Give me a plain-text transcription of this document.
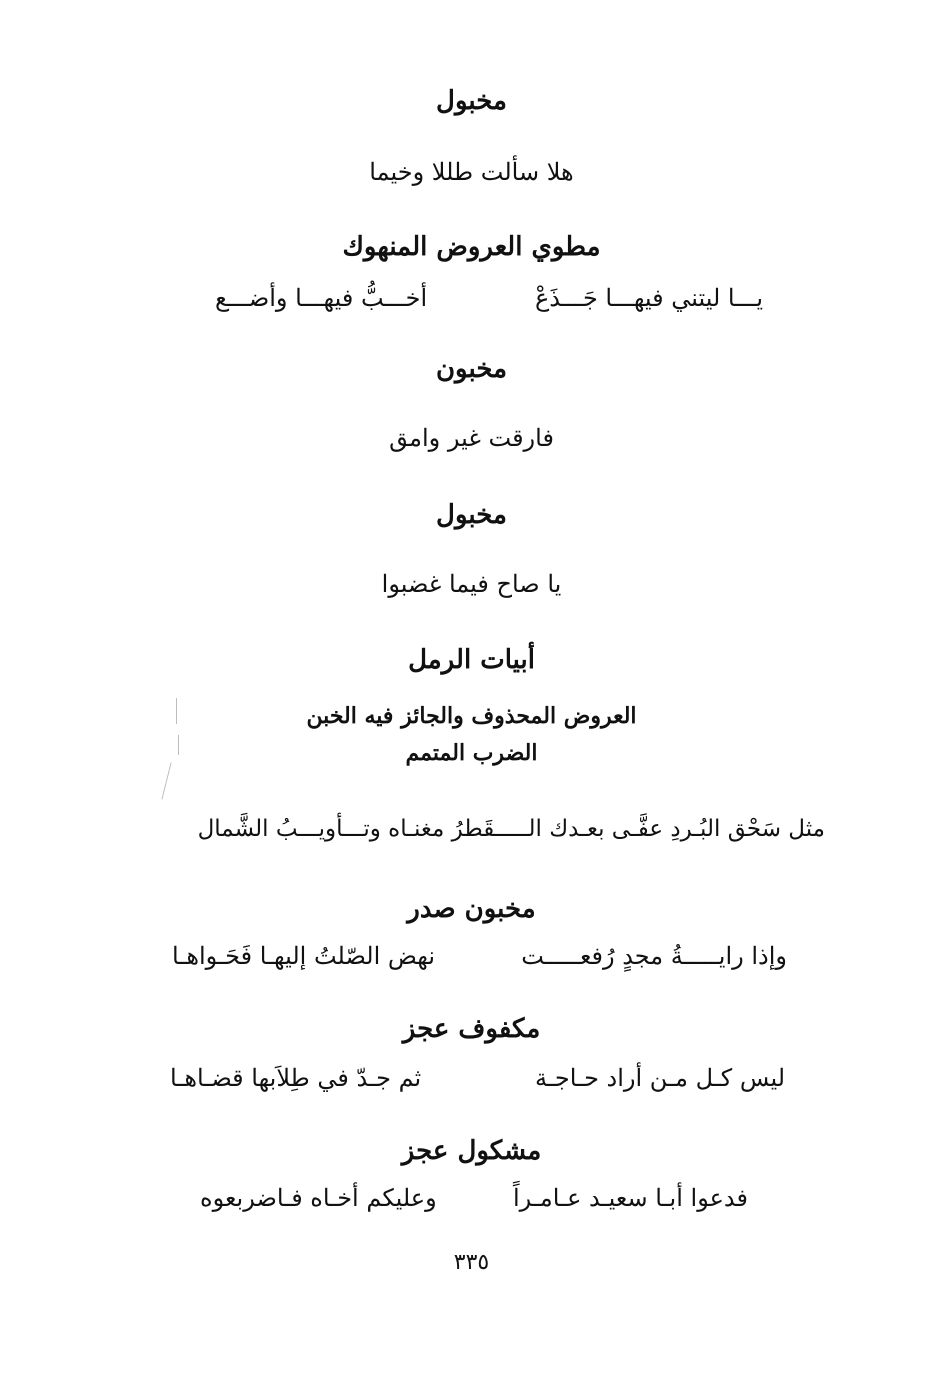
مخبول
هلا سألت طللا وخيما
مطوي العروض المنهوك
يـــا ليتني فيهـــا جَـــذَعْ
أخـــبُّ فيهـــا وأضـــع
مخبون
فارقت غير وامق
مخبول
يا صاح فيما غضبوا
أبيات الرمل
العروض المحذوف والجائز فيه الخبن
الضرب المتمم
مثل سَحْق البُـردِ عفَّـى بعـدك الـــــقَطرُ مغنـاه وتـــأويـــبُ الشَّمال
مخبون صدر
وإذا رايـــــةُ مجدٍ رُفعـــــت
نهض الصّلتُ إليهـا فَحَـواهـا
مكفوف عجز
ليس كـل مـن أراد حـاجـة
ثم جـدّ في طِلاَبها قضـاهـا
مشكول عجز
فدعوا أبـا سعيـد عـامـراً
وعليكم أخـاه فـاضربعوه
٣٣٥
